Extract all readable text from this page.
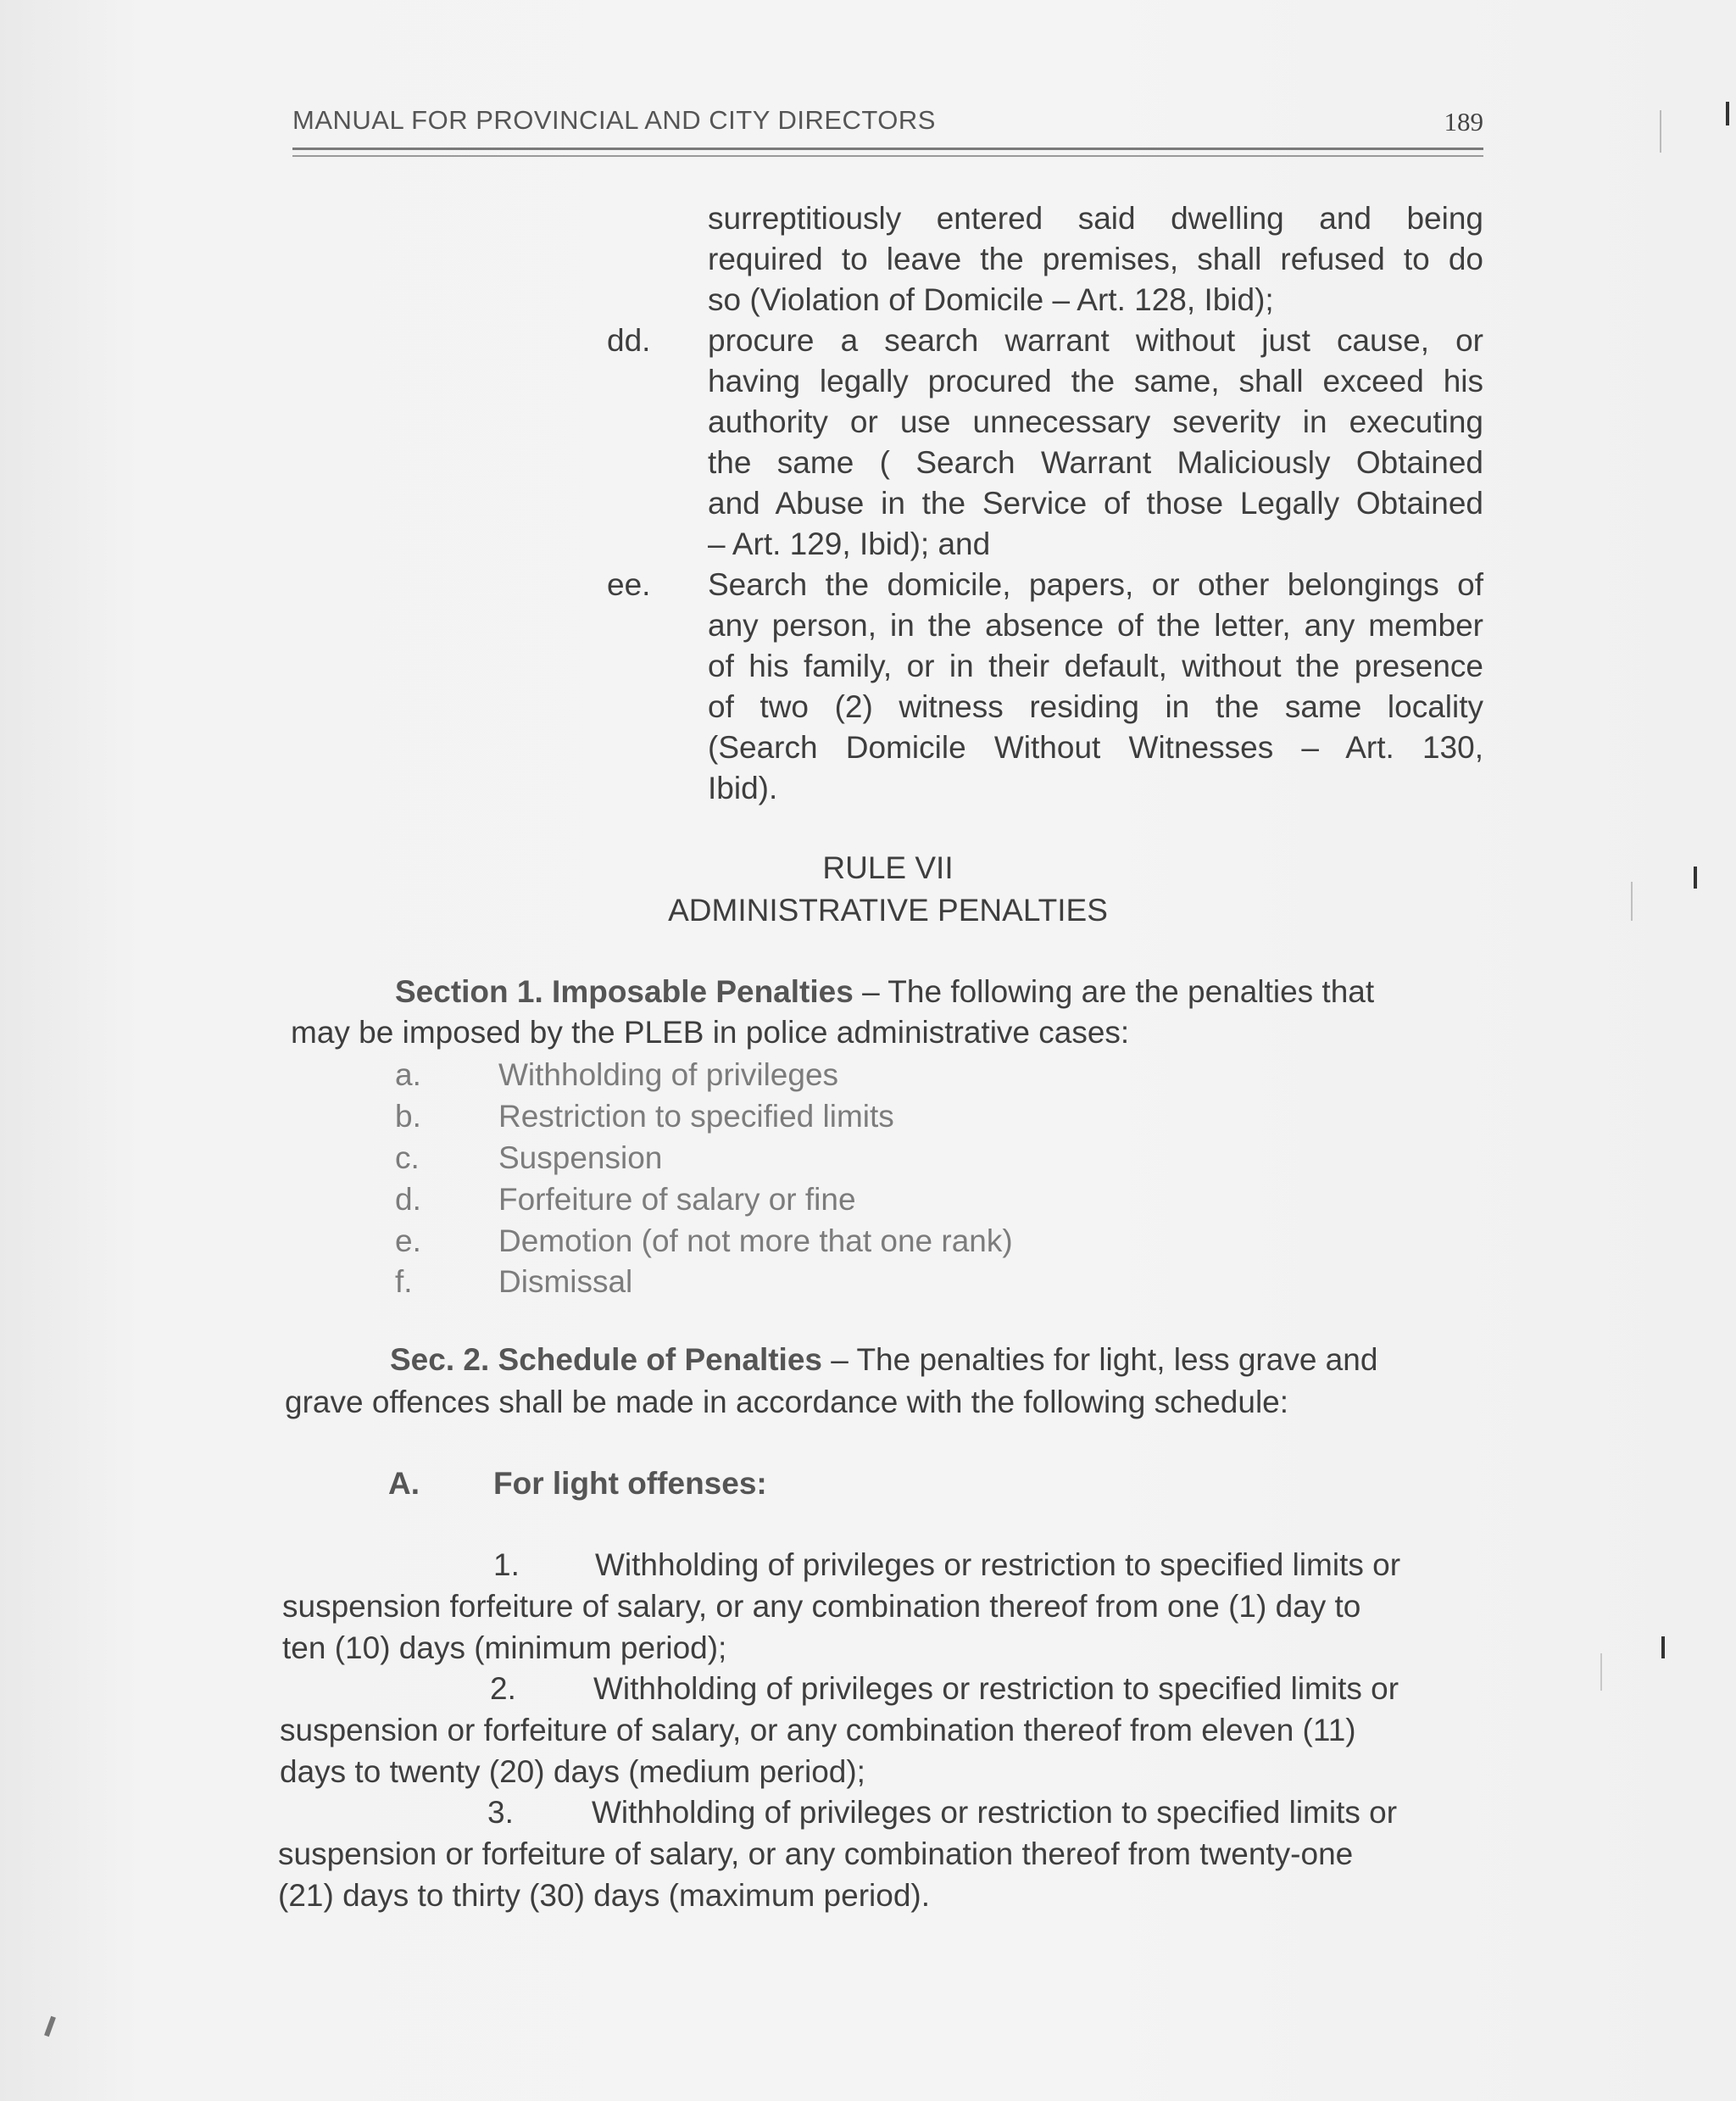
MANUAL FOR PROVINCIAL AND CITY DIRECTORS	189
surreptitiously entered said dwelling and being
required to leave the premises, shall refused to do
so (Violation of Domicile – Art. 128, Ibid);
dd. procure a search warrant without just cause, or
having legally procured the same, shall exceed his
authority or use unnecessary severity in executing
the same ( Search Warrant Maliciously Obtained
and Abuse in the Service of those Legally Obtained
– Art. 129, Ibid); and
ee. Search the domicile, papers, or other belongings of
any person, in the absence of the letter, any member
of his family, or in their default, without the presence
of two (2) witness residing in the same locality
(Search Domicile Without Witnesses – Art. 130,
Ibid).
RULE VII
ADMINISTRATIVE PENALTIES
Section 1. Imposable Penalties – The following are the penalties that
may be imposed by the PLEB in police administrative cases:
a. Withholding of privileges
b. Restriction to specified limits
c.	Suspension
d. Forfeiture of salary or fine
e. Demotion (of not more that one rank)
f.	Dismissal
Sec. 2. Schedule of Penalties – The penalties for light, less grave and
grave offences shall be made in accordance with the following schedule:
A. For light offenses:
1. Withholding of privileges or restriction to specified limits or
suspension forfeiture of salary, or any combination thereof from one (1) day to
ten (10) days (minimum period);
2. Withholding of privileges or restriction to specified limits or
suspension or forfeiture of salary, or any combination thereof from eleven (11)
days to twenty (20) days (medium period);
3. Withholding of privileges or restriction to specified limits or
suspension or forfeiture of salary, or any combination thereof from twenty-one
(21) days to thirty (30) days (maximum period).
